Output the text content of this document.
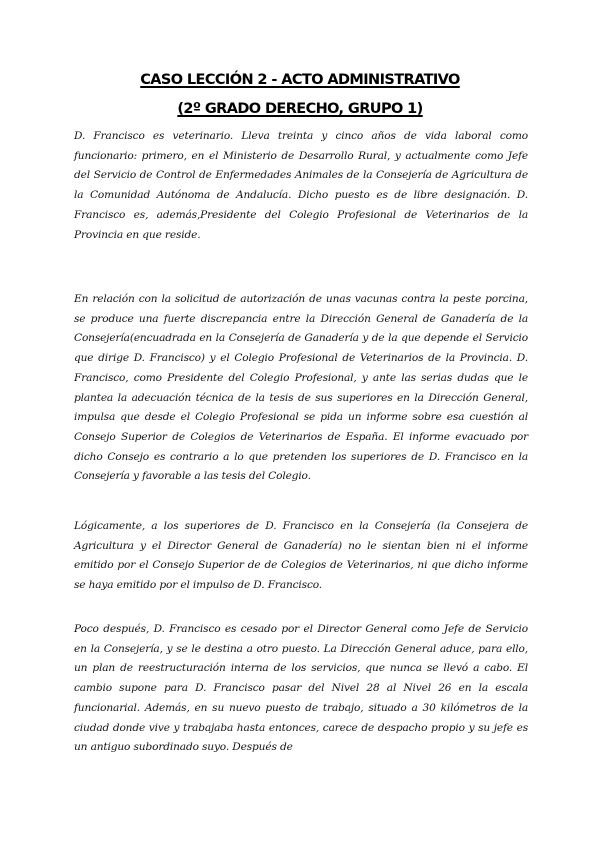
CASO LECCIÓN 2 - ACTO ADMINISTRATIVO
(2º GRADO DERECHO, GRUPO 1)

D. Francisco es veterinario. Lleva treinta y cinco años de vida laboral como funcionario: primero, en el Ministerio de Desarrollo Rural, y actualmente como Jefe del Servicio de Control de Enfermedades Animales de la Consejería de Agricultura de la Comunidad Autónoma de Andalucía. Dicho puesto es de libre designación. D. Francisco es, además,Presidente del Colegio Profesional de Veterinarios de la Provincia en que reside.

En relación con la solicitud de autorización de unas vacunas contra la peste porcina, se produce una fuerte discrepancia entre la Dirección General de Ganadería de la Consejería(encuadrada en la Consejería de Ganadería y de la que depende el Servicio que dirige D. Francisco) y el Colegio Profesional de Veterinarios de la Provincia. D. Francisco, como Presidente del Colegio Profesional, y ante las serias dudas que le plantea la adecuación técnica de la tesis de sus superiores en la Dirección General, impulsa que desde el Colegio Profesional se pida un informe sobre esa cuestión al Consejo Superior de Colegios de Veterinarios de España. El informe evacuado por dicho Consejo es contrario a lo que pretenden los superiores de D. Francisco en la Consejería y favorable a las tesis del Colegio.

Lógicamente, a los superiores de D. Francisco en la Consejería (la Consejera de Agricultura y el Director General de Ganadería) no le sientan bien ni el informe emitido por el Consejo Superior de de Colegios de Veterinarios, ni que dicho informe se haya emitido por el impulso de D. Francisco.

Poco después, D. Francisco es cesado por el Director General como Jefe de Servicio en la Consejería, y se le destina a otro puesto. La Dirección General aduce, para ello, un plan de reestructuración interna de los servicios, que nunca se llevó a cabo. El cambio supone para D. Francisco pasar del Nivel 28 al Nivel 26 en la escala funcionarial. Además, en su nuevo puesto de trabajo, situado a 30 kilómetros de la ciudad donde vive y trabajaba hasta entonces, carece de despacho propio y su jefe es un antiguo subordinado suyo. Después de
